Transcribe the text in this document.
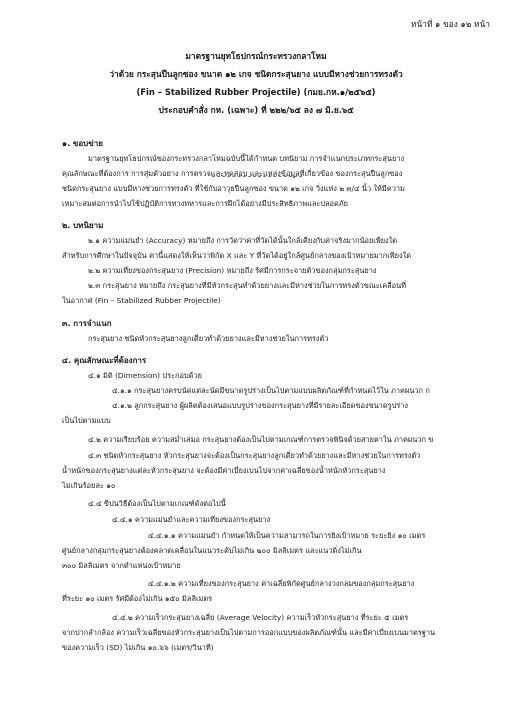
หน้าที่ ๑ ของ ๑๒ หน้า
มาตรฐานยุทโธปกรณ์กระทรวงกลาโหม
ว่าด้วย กระสุนปืนลูกซอง ขนาด ๑๒ เกจ ชนิดกระสุนยาง แบบมีหางช่วยการทรงตัว
(Fin – Stabilized Rubber Projectile) (กมย.กห.๑/๒๕๖๕)
ประกอบคำสั่ง กห. (เฉพาะ) ที่ ๒๒๒/๖๕ ลง ๗ มิ.ย.๖๕
๑. ขอบข่าย
มาตรฐานยุทโธปกรณ์ของกระทรวงกลาโหมฉบับนี้ได้กำหนด บทนิยาม การจำแนกประเภทกระสุนยาง
คุณลักษณะที่ต้องการ การสุ่มตัวอย่าง การตรวจและทดสอบ และแหล่งข้อมูลที่เกี่ยวข้อง ของกระสุนปืนลูกซอง
ชนิดกระสุนยาง แบบมีหางช่วยการทรงตัว ที่ใช้กับอาวุธปืนลูกซอง ขนาด ๑๒ เกจ วิ่งแห่ง ๒ ๓/๔ นิ้ว ให้มีความ
เหมาะสมต่อการนำไปใช้ปฏิบัติการทางทหารและการฝึกได้อย่างมีประสิทธิภาพและปลอดภัย
๒. บทนิยาม
๒.๑ ความแม่นยำ (Accuracy) หมายถึง การวัดว่าค่าที่วัดได้นั้นใกล้เคียงกับค่าจริงมากน้อยเพียงใด
สำหรับการศึกษาในปัจจุบัน ค่านี้แสดงให้เห็นว่าพิกัด X และ Y ที่วัดได้อยู่ใกล้ศูนย์กลางของเป้าหมายมากเพียงใด
๒.๒ ความเที่ยงของกระสุนยาง (Precision) หมายถึง รัศมีการกระจายตัวของกลุ่มกระสุนยาง
๒.๓ กระสุนยาง หมายถึง กระสุนยางที่มีหัวกระสุนทำด้วยยางและมีหางช่วยในการทรงตัวขณะเคลื่อนที่
ในอากาศ (Fin – Stabilized Rubber Projectile)
๓. การจำแนก
กระสุนยาง ชนิดหัวกระสุนยางลูกเดี่ยวทำด้วยยางและมีหางช่วยในการทรงตัว
๔. คุณลักษณะที่ต้องการ
๔.๑ มิติ (Dimension) ประกอบด้วย
๔.๑.๑ กระสุนยางครบนัดแต่ละนัดมีขนาดรูปร่างเป็นไปตามแบบผลิตภัณฑ์ที่กำหนดไว้ใน ภาคผนวก ก
๔.๑.๒ ลูกกระสุนยาง ผู้ผลิตต้องเสนอแบบรูปร่างของกระสุนยางที่มีรายละเอียดของขนาดรูปร่าง
เป็นไปตามแบบ
๔.๒ ความเรียบร้อย ความสม่ำเสมอ กระสุนยางต้องเป็นไปตามเกณฑ์การตรวจพินิจด้วยสายตาใน ภาคผนวก ข
๔.๓ ชนิดหัวกระสุนยาง หัวกระสุนยางจะต้องเป็นกระสุนยางลูกเดี่ยวทำด้วยยางและมีหางช่วยในการทรงตัว
น้ำหนักของกระสุนยางแต่ละหัวกระสุนยาง จะต้องมีค่าเบี่ยงเบนไปจากค่าเฉลี่ยของน้ำหนักหัวกระสุนยาง
ไม่เกินร้อยละ ๑๐
๔.๔ ขีปนวิธีต้องเป็นไปตามเกณฑ์ดังต่อไปนี้
๔.๔.๑ ความแม่นยำและความเที่ยงของกระสุนยาง
๔.๔.๑.๑ ความแม่นยำ กำหนดให้เป็นความสามารถในการยิงเป้าหมาย ระยะยิง ๑๐ เมตร
ศูนย์กลางกลุ่มกระสุนยางต้องคลาดเคลื่อนในแนวระดับไม่เกิน ๒๐๐ มิลลิเมตร และแนวดิ่งไม่เกิน
๓๐๐ มิลลิเมตร จากตำแหน่งเป้าหมาย
๔.๔.๑.๒ ความเที่ยงของกระสุนยาง ค่าเฉลี่ยพิกัดศูนย์กลางวงกลมของกลุ่มกระสุนยาง
ที่ระยะ ๑๐ เมตร รัศมีต้องไม่เกิน ๑๕๐ มิลลิเมตร
๔.๔.๒ ความเร็วกระสุนยางเฉลี่ย (Average Velocity) ความเร็วหัวกระสุนยาง ที่ระยะ ๕ เมตร
จากปากลำกล้อง ความเร็วเฉลี่ยของหัวกระสุนยางเป็นไปตามการออกแบบของผลิตภัณฑ์นั้น และมีค่าเบี่ยงเบนมาตรฐาน
ของความเร็ว (SD) ไม่เกิน ๑๐.๖๖ (เมตร/วินาที)
